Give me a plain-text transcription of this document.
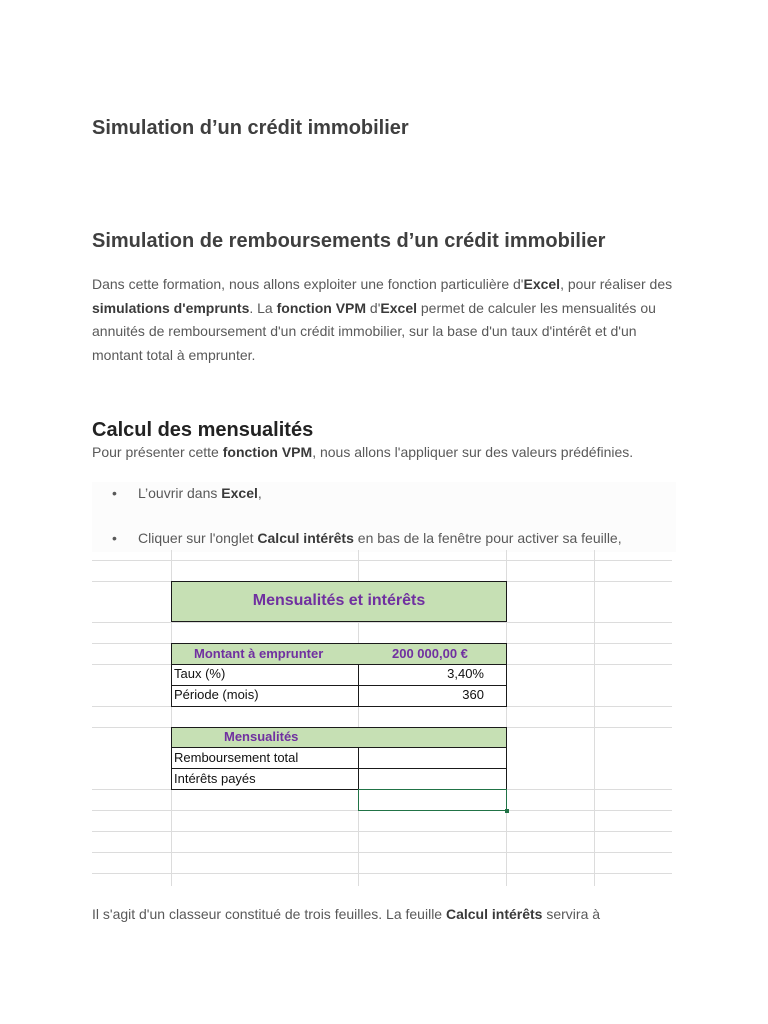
Simulation d’un crédit immobilier
Simulation de remboursements d’un crédit immobilier
Dans cette formation, nous allons exploiter une fonction particulière d'Excel, pour réaliser des simulations d'emprunts. La fonction VPM d'Excel permet de calculer les mensualités ou annuités de remboursement d'un crédit immobilier, sur la base d'un taux d'intérêt et d'un montant total à emprunter.
Calcul des mensualités
Pour présenter cette fonction VPM, nous allons l'appliquer sur des valeurs prédéfinies.
• L’ouvrir dans Excel,
• Cliquer sur l'onglet Calcul intérêts en bas de la fenêtre pour activer sa feuille,
Mensualités et intérêts
Montant à emprunter	200 000,00 €
Taux (%)	3,40%
Période (mois)	360
Mensualités
Remboursement total
Intérêts payés
Il s'agit d'un classeur constitué de trois feuilles. La feuille Calcul intérêts servira à
